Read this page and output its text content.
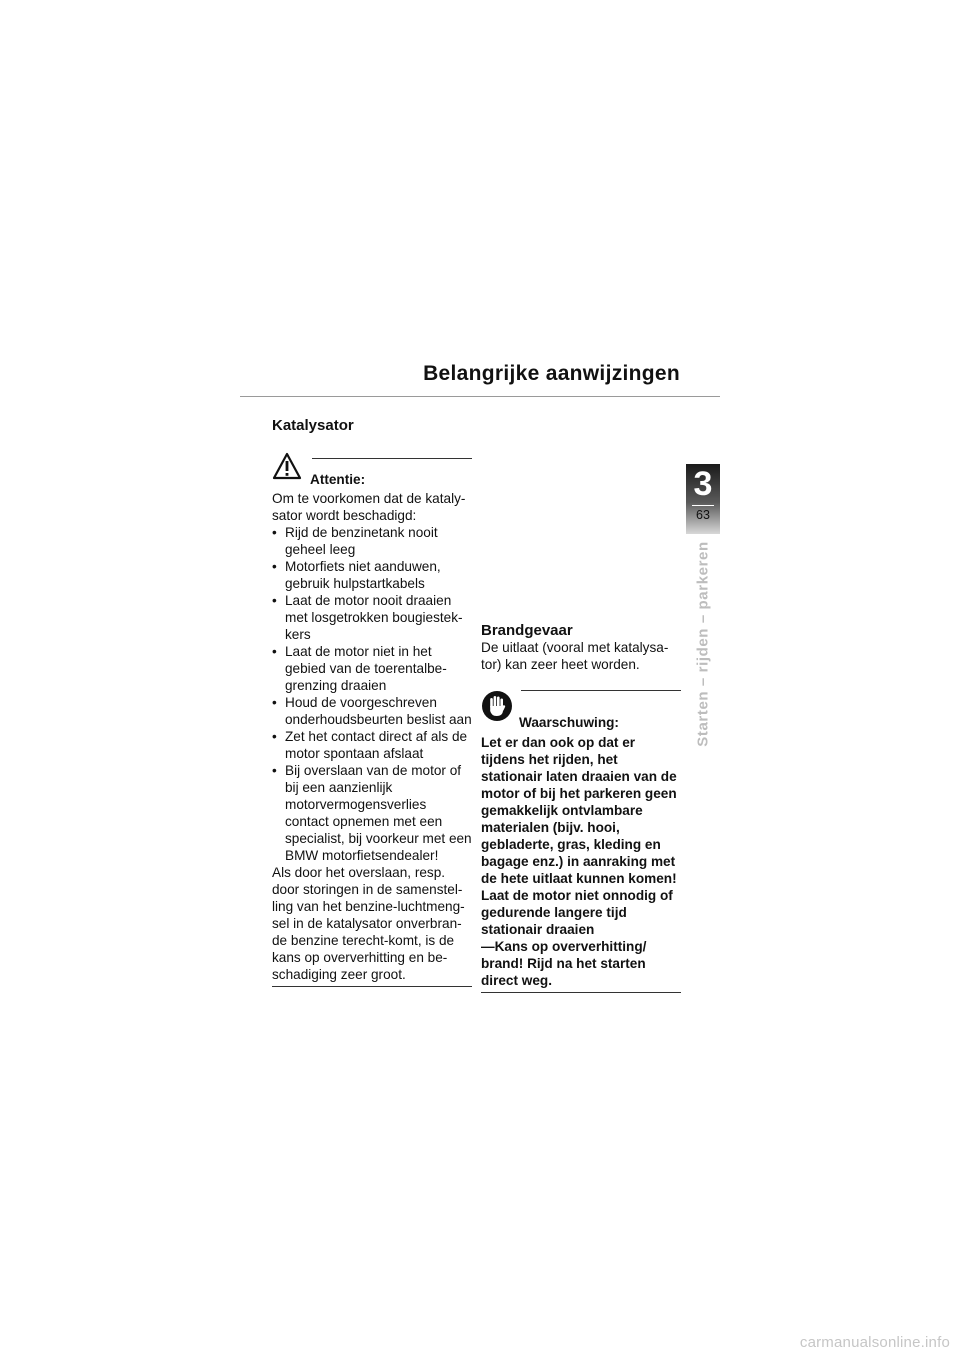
Belangrijke aanwijzingen
Katalysator
Attentie:

Om te voorkomen dat de kataly-sator wordt beschadigd:

• Rijd de benzinetank nooit geheel leeg
• Motorfiets niet aanduwen, gebruik hulpstartkabels
• Laat de motor nooit draaien met losgetrokken bougiestek-kers
• Laat de motor niet in het gebied van de toerentalbe-grenzing draaien
• Houd de voorgeschreven onderhoudsbeurten beslist aan
• Zet het contact direct af als de motor spontaan afslaat
• Bij overslaan van de motor of bij een aanzienlijk motorvermogensverlies contact opnemen met een specialist, bij voorkeur met een BMW motorfietsendealer!

Als door het overslaan, resp. door storingen in de samenstel-ling van het benzine-luchtmeng-sel in de katalysator onverbran-de benzine terecht-komt, is de kans op oververhitting en be-schadiging zeer groot.

Brandgevaar

De uitlaat (vooral met katalysa-tor) kan zeer heet worden.

Waarschuwing:

Let er dan ook op dat er tijdens het rijden, het stationair laten draaien van de motor of bij het parkeren geen gemakkelijk ontvlambare materialen (bijv. hooi, gebladerte, gras, kleding en bagage enz.) in aanraking met de hete uitlaat kunnen komen!

Laat de motor niet onnodig of gedurende langere tijd stationair draaien

—Kans op oververhitting/ brand! Rijd na het starten direct weg.

3
63
Starten – rijden – parkeren
carmanualsonline.info
